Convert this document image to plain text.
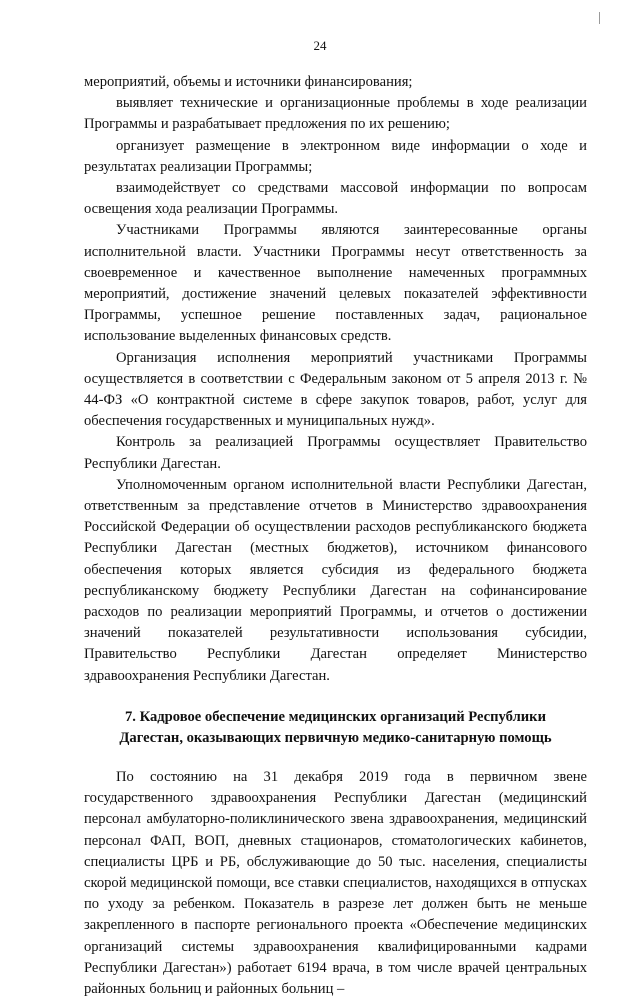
24

мероприятий, объемы и источники финансирования;

выявляет технические и организационные проблемы в ходе реализации Программы и разрабатывает предложения по их решению;

организует размещение в электронном виде информации о ходе и результатах реализации Программы;

взаимодействует со средствами массовой информации по вопросам освещения хода реализации Программы.

Участниками Программы являются заинтересованные органы исполнительной власти. Участники Программы несут ответственность за своевременное и качественное выполнение намеченных программных мероприятий, достижение значений целевых показателей эффективности Программы, успешное решение поставленных задач, рациональное использование выделенных финансовых средств.

Организация исполнения мероприятий участниками Программы осуществляется в соответствии с Федеральным законом от 5 апреля 2013 г. № 44-ФЗ «О контрактной системе в сфере закупок товаров, работ, услуг для обеспечения государственных и муниципальных нужд».

Контроль за реализацией Программы осуществляет Правительство Республики Дагестан.

Уполномоченным органом исполнительной власти Республики Дагестан, ответственным за представление отчетов в Министерство здравоохранения Российской Федерации об осуществлении расходов республиканского бюджета Республики Дагестан (местных бюджетов), источником финансового обеспечения которых является субсидия из федерального бюджета республиканскому бюджету Республики Дагестан на софинансирование расходов по реализации мероприятий Программы, и отчетов о достижении значений показателей результативности использования субсидии, Правительство Республики Дагестан определяет Министерство здравоохранения Республики Дагестан.

7. Кадровое обеспечение медицинских организаций Республики
Дагестан, оказывающих первичную медико-санитарную помощь

По состоянию на 31 декабря 2019 года в первичном звене государственного здравоохранения Республики Дагестан (медицинский персонал амбулаторно-поликлинического звена здравоохранения, медицинский персонал ФАП, ВОП, дневных стационаров, стоматологических кабинетов, специалисты ЦРБ и РБ, обслуживающие до 50 тыс. населения, специалисты скорой медицинской помощи, все ставки специалистов, находящихся в отпусках по уходу за ребенком. Показатель в разрезе лет должен быть не меньше закрепленного в паспорте регионального проекта «Обеспечение медицинских организаций системы здравоохранения квалифицированными кадрами Республики Дагестан») работает 6194 врача, в том числе врачей центральных районных больниц и районных больниц –
